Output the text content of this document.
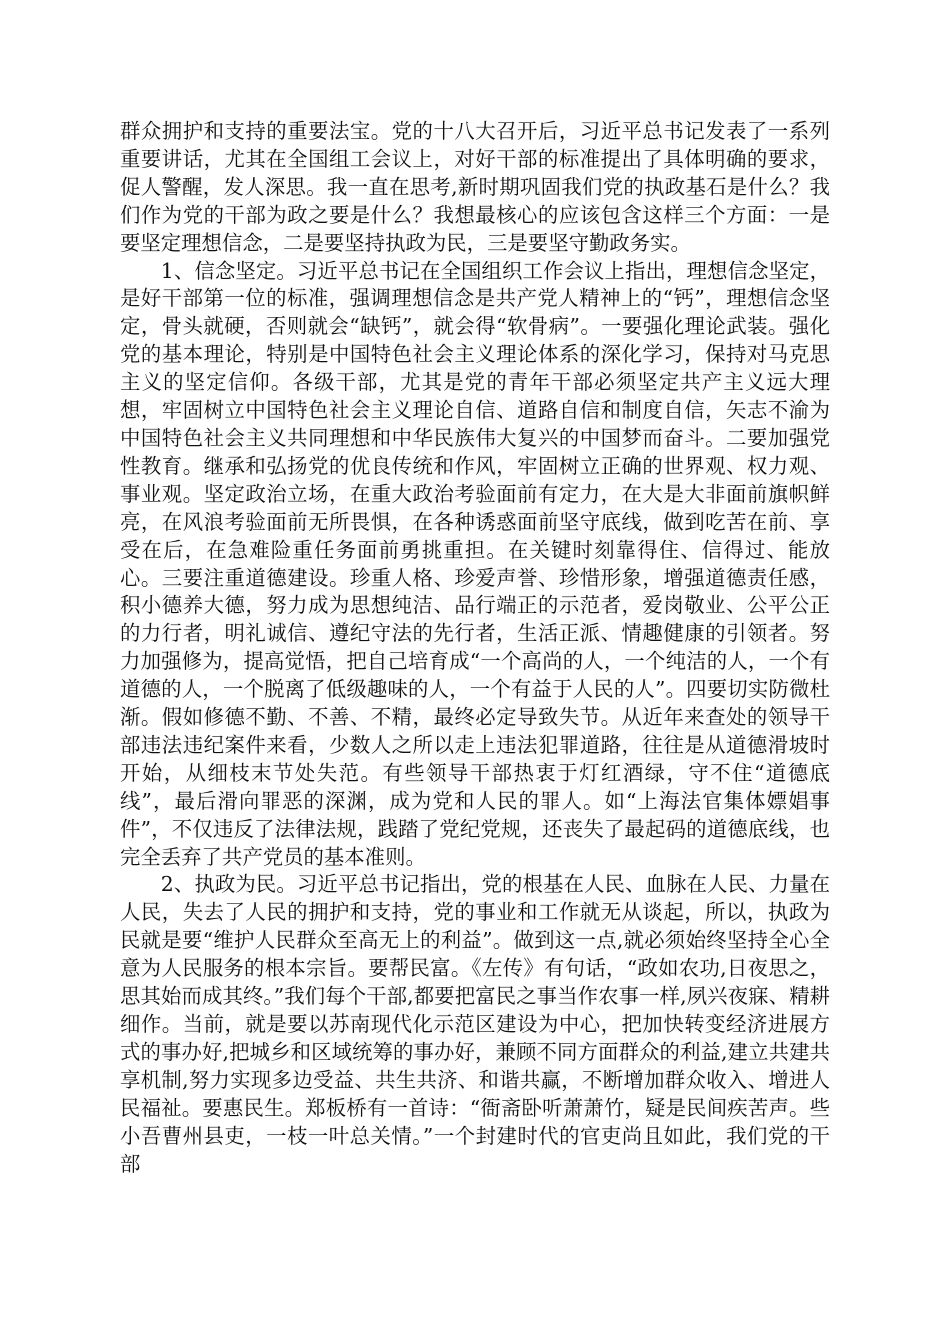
群众拥护和支持的重要法宝。党的十八大召开后，习近平总书记发表了一系列重要讲话，尤其在全国组工会议上，对好干部的标准提出了具体明确的要求，促人警醒，发人深思。我一直在思考,新时期巩固我们党的执政基石是什么？我们作为党的干部为政之要是什么？我想最核心的应该包含这样三个方面：一是要坚定理想信念，二是要坚持执政为民，三是要坚守勤政务实。

1、信念坚定。习近平总书记在全国组织工作会议上指出，理想信念坚定，是好干部第一位的标准，强调理想信念是共产党人精神上的“钙”，理想信念坚定，骨头就硬，否则就会“缺钙”，就会得“软骨病”。一要强化理论武装。强化党的基本理论，特别是中国特色社会主义理论体系的深化学习，保持对马克思主义的坚定信仰。各级干部，尤其是党的青年干部必须坚定共产主义远大理想，牢固树立中国特色社会主义理论自信、道路自信和制度自信，矢志不渝为中国特色社会主义共同理想和中华民族伟大复兴的中国梦而奋斗。二要加强党性教育。继承和弘扬党的优良传统和作风，牢固树立正确的世界观、权力观、事业观。坚定政治立场，在重大政治考验面前有定力，在大是大非面前旗帜鲜亮，在风浪考验面前无所畏惧，在各种诱惑面前坚守底线，做到吃苦在前、享受在后，在急难险重任务面前勇挑重担。在关键时刻靠得住、信得过、能放心。三要注重道德建设。珍重人格、珍爱声誉、珍惜形象，增强道德责任感，积小德养大德，努力成为思想纯洁、品行端正的示范者，爱岗敬业、公平公正的力行者，明礼诚信、遵纪守法的先行者，生活正派、情趣健康的引领者。努力加强修为，提高觉悟，把自己培育成“一个高尚的人，一个纯洁的人，一个有道德的人，一个脱离了低级趣味的人，一个有益于人民的人”。四要切实防微杜渐。假如修德不勤、不善、不精，最终必定导致失节。从近年来查处的领导干部违法违纪案件来看，少数人之所以走上违法犯罪道路，往往是从道德滑坡时开始，从细枝末节处失范。有些领导干部热衷于灯红酒绿，守不住“道德底线”，最后滑向罪恶的深渊，成为党和人民的罪人。如“上海法官集体嫖娼事件”，不仅违反了法律法规，践踏了党纪党规，还丧失了最起码的道德底线，也完全丢弃了共产党员的基本准则。

2、执政为民。习近平总书记指出，党的根基在人民、血脉在人民、力量在人民，失去了人民的拥护和支持，党的事业和工作就无从谈起，所以，执政为民就是要“维护人民群众至高无上的利益”。做到这一点,就必须始终坚持全心全意为人民服务的根本宗旨。要帮民富。《左传》有句话，“政如农功,日夜思之，思其始而成其终。”我们每个干部,都要把富民之事当作农事一样,夙兴夜寐、精耕细作。当前，就是要以苏南现代化示范区建设为中心，把加快转变经济进展方式的事办好,把城乡和区域统筹的事办好，兼顾不同方面群众的利益,建立共建共享机制,努力实现多边受益、共生共济、和谐共赢，不断增加群众收入、增进人民福祉。要惠民生。郑板桥有一首诗：“衙斋卧听萧萧竹，疑是民间疾苦声。些小吾曹州县吏，一枝一叶总关情。”一个封建时代的官吏尚且如此，我们党的干部
